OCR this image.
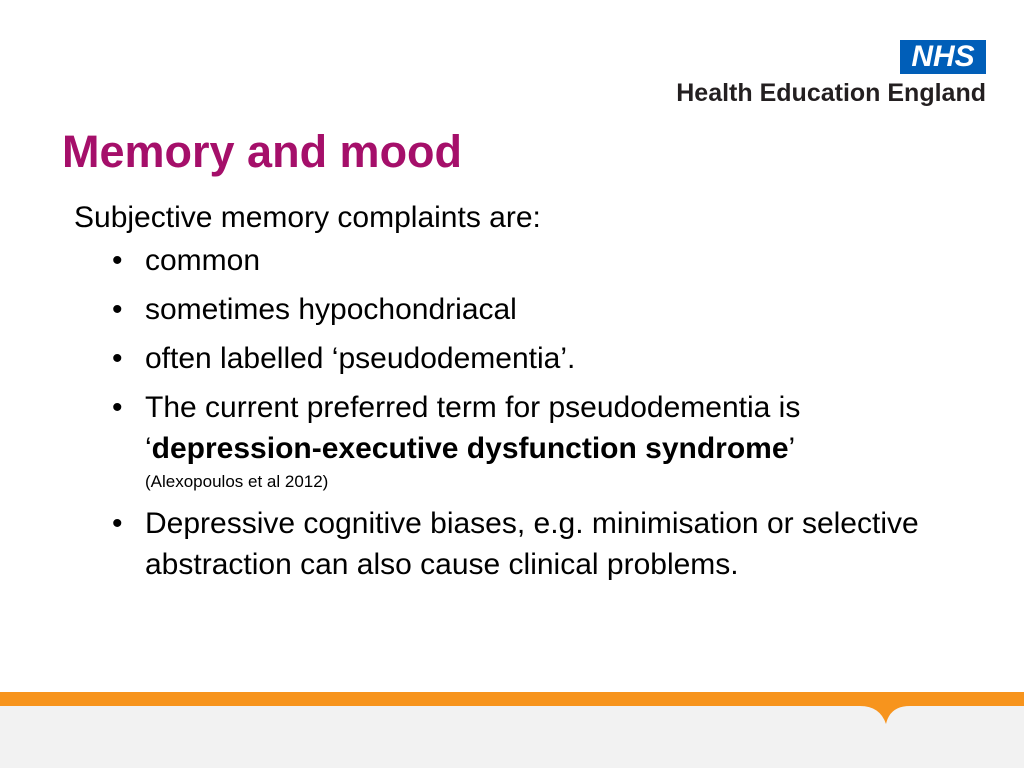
NHS
Health Education England
Memory and mood

Subjective memory complaints are:

• common
• sometimes hypochondriacal
• often labelled ‘pseudodementia’.
• The current preferred term for pseudodementia is
‘depression-executive dysfunction syndrome’
(Alexopoulos et al 2012)
• Depressive cognitive biases, e.g. minimisation or selective abstraction can also cause clinical problems.
